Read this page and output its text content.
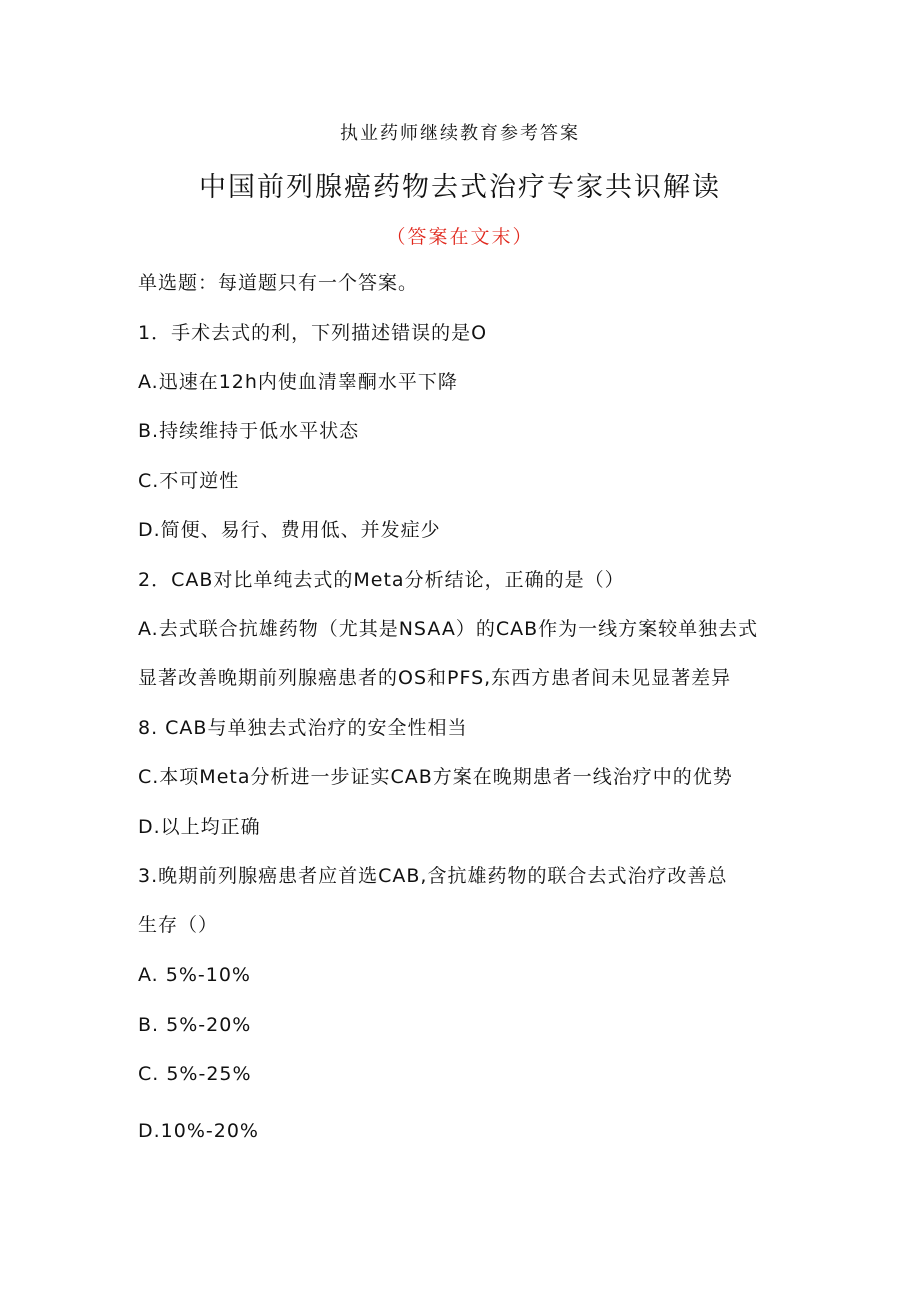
执业药师继续教育参考答案
中国前列腺癌药物去式治疗专家共识解读
（答案在文末）
单选题：每道题只有一个答案。
1．手术去式的利，下列描述错误的是O
A.迅速在12h内使血清睾酮水平下降
B.持续维持于低水平状态
C.不可逆性
D.简便、易行、费用低、并发症少
2．CAB对比单纯去式的Meta分析结论，正确的是（）
A.去式联合抗雄药物（尤其是NSAA）的CAB作为一线方案较单独去式
显著改善晚期前列腺癌患者的OS和PFS,东西方患者间未见显著差异
8. CAB与单独去式治疗的安全性相当
C.本项Meta分析进一步证实CAB方案在晚期患者一线治疗中的优势
D.以上均正确
3.晚期前列腺癌患者应首选CAB,含抗雄药物的联合去式治疗改善总
生存（）
A. 5%-10%
B. 5%-20%
C. 5%-25%
D.10%-20%
